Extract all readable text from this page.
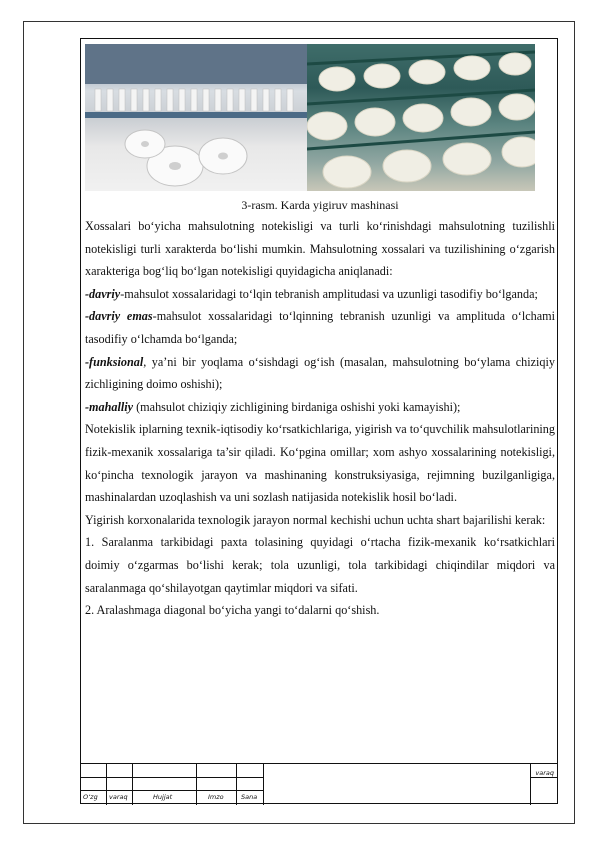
3-rasm. Karda yigiruv mashinasi

Xossalari bo‘yicha mahsulotning notekisligi va turli ko‘rinishdagi mahsulotning tuzilishli notekisligi turli xarakterda bo‘lishi mumkin. Mahsulotning xossalari va tuzilishining o‘zgarish xarakteriga bog‘liq bo‘lgan notekisligi quyidagicha aniqlanadi:

-davriy-mahsulot xossalaridagi to‘lqin tebranish amplitudasi va uzunligi tasodifiy bo‘lganda;

-davriy emas-mahsulot xossalaridagi to‘lqinning tebranish uzunligi va amplituda o‘lchami tasodifiy o‘lchamda bo‘lganda;

-funksional, ya’ni bir yoqlama o‘sishdagi og‘ish (masalan, mahsulotning bo‘ylama chiziqiy zichligining doimo oshishi);

-mahalliy (mahsulot chiziqiy zichligining birdaniga oshishi yoki kamayishi);

Notekislik iplarning texnik-iqtisodiy ko‘rsatkichlariga, yigirish va to‘quvchilik mahsulotlarining fizik-mexanik xossalariga ta’sir qiladi. Ko‘pgina omillar; xom ashyo xossalarining notekisligi, ko‘pincha texnologik jarayon va mashinaning konstruksiyasiga, rejimning buzilganligiga, mashinalardan uzoqlashish va uni sozlash natijasida notekislik hosil bo‘ladi.

Yigirish korxonalarida texnologik jarayon normal kechishi uchun uchta shart bajarilishi kerak:

1. Saralanma tarkibidagi paxta tolasining quyidagi o‘rtacha fizik-mexanik ko‘rsatkichlari doimiy o‘zgarmas bo‘lishi kerak; tola uzunligi, tola tarkibidagi chiqindilar miqdori va saralanmaga qo‘shilayotgan qaytimlar miqdori va sifati.

2. Aralashmaga diagonal bo‘yicha yangi to‘dalarni qo‘shish.

O‘zg varaq	Hujjat	Imzo	Sana
varaq
